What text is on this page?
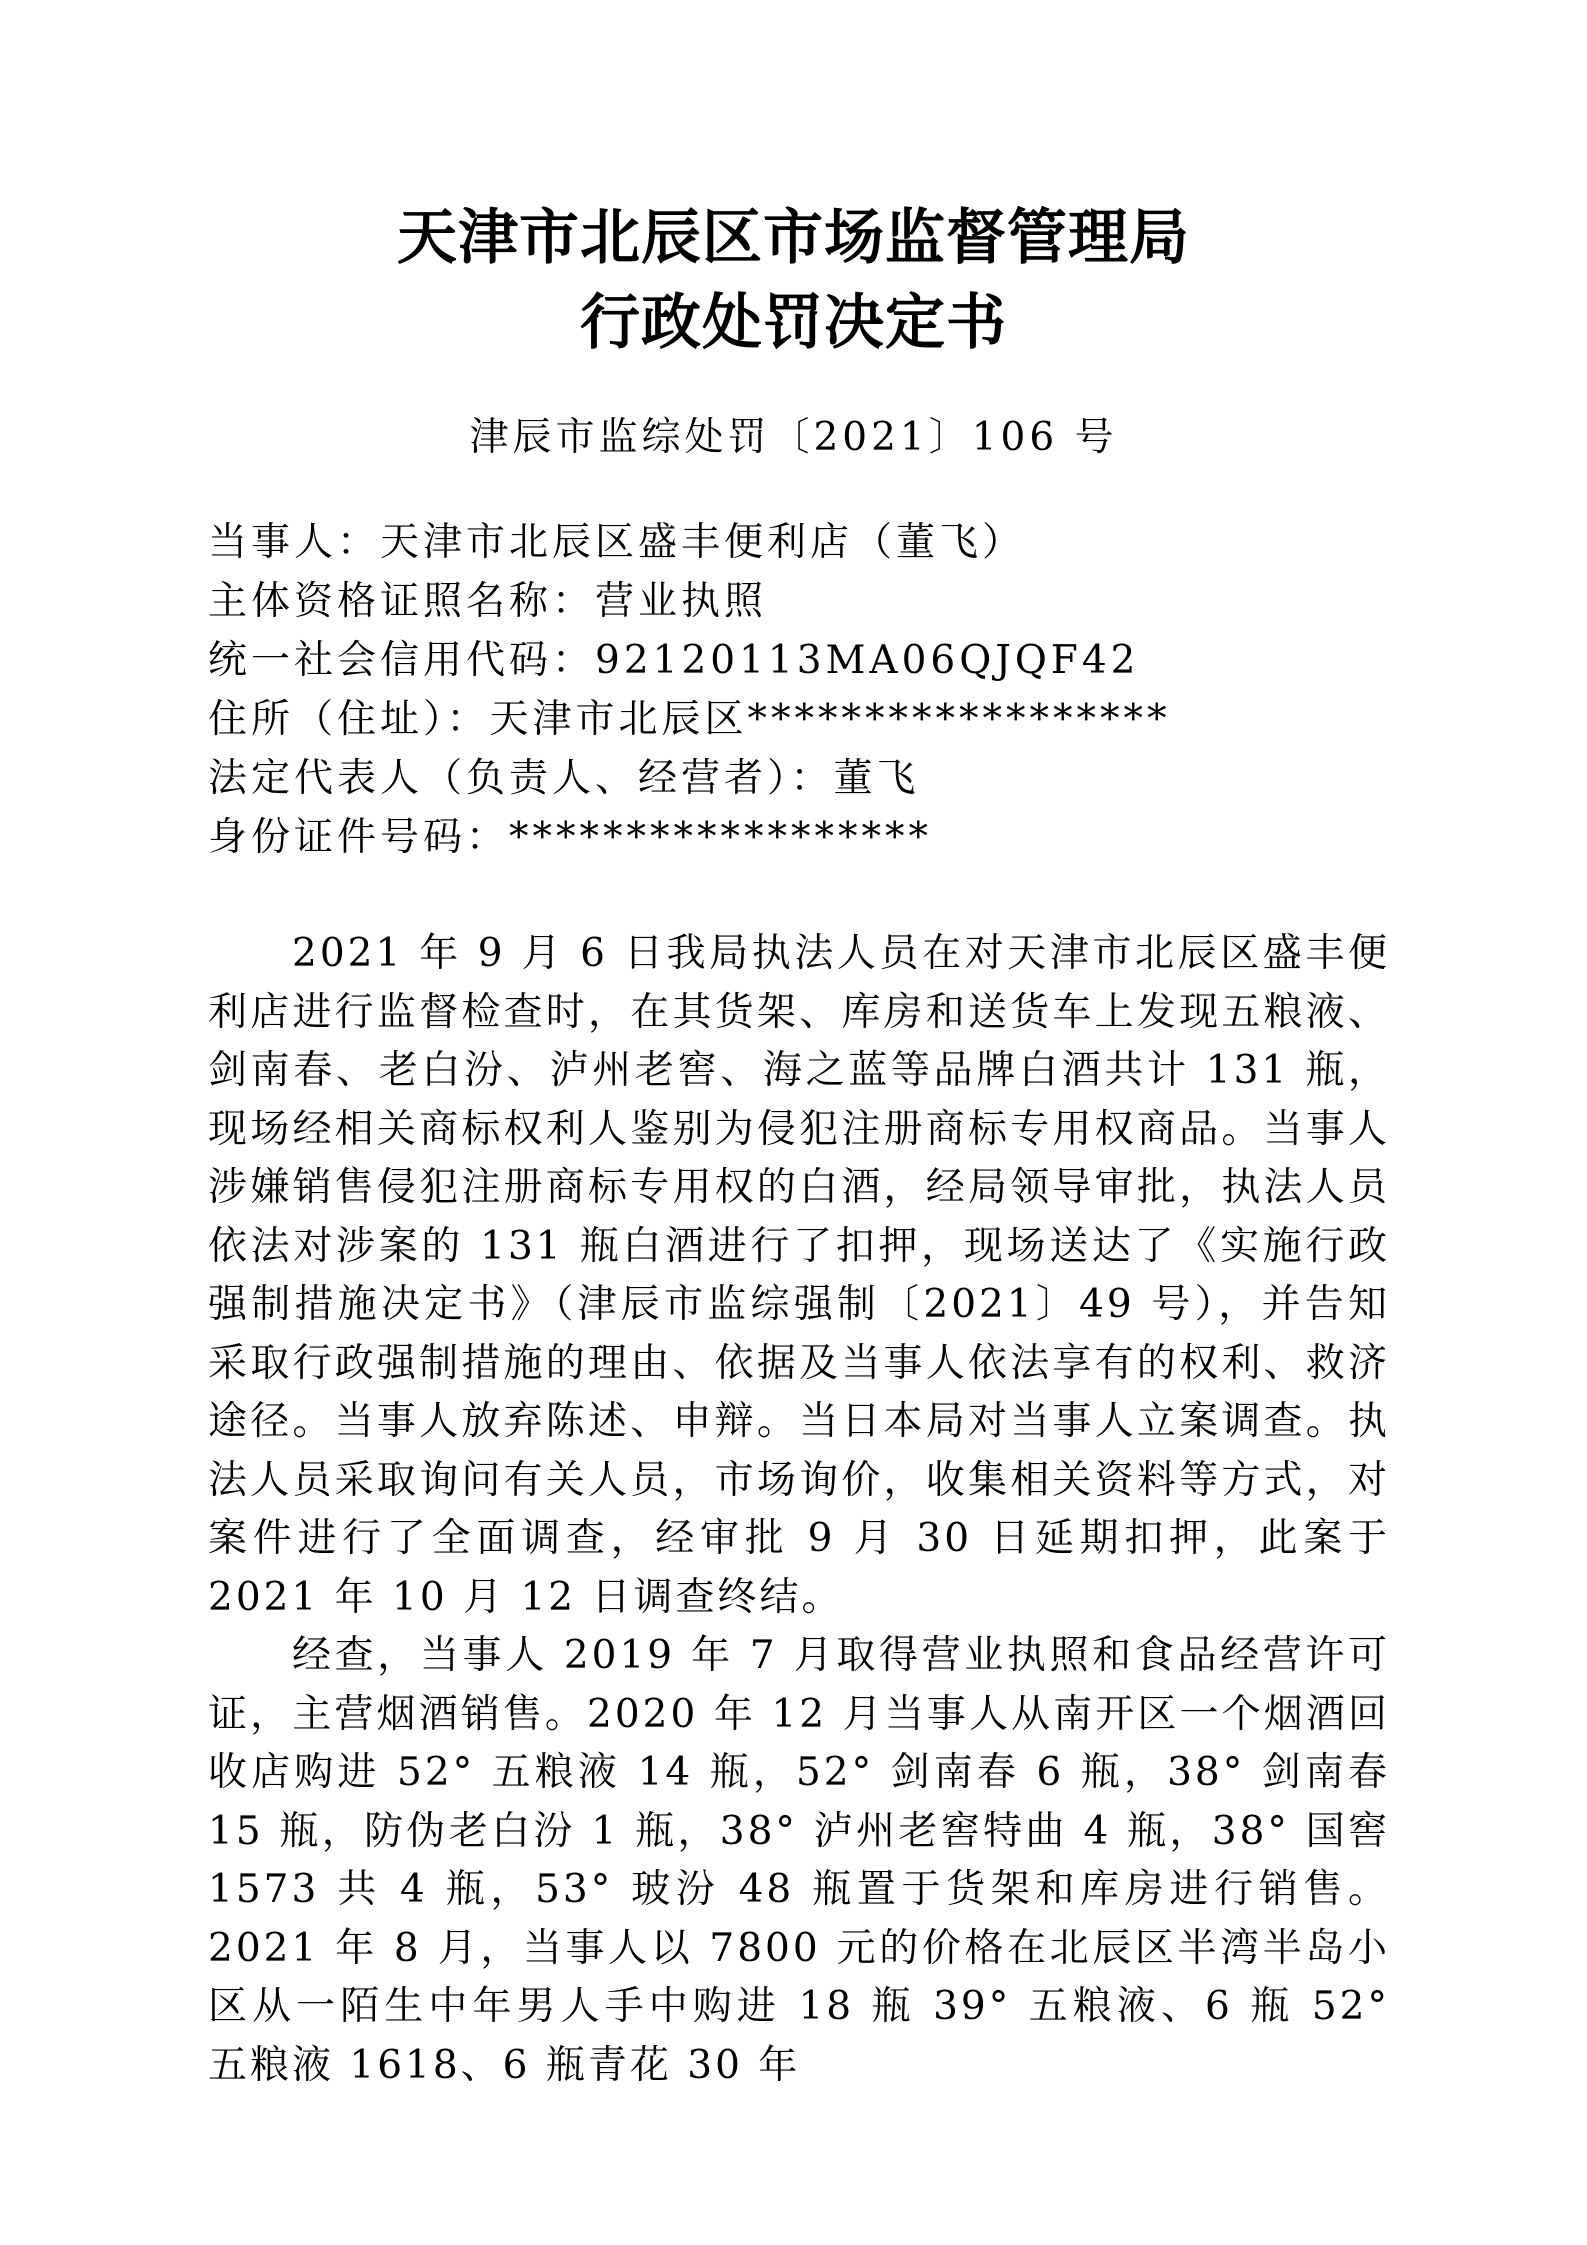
天津市北辰区市场监督管理局
行政处罚决定书
津辰市监综处罚〔2021〕106 号
当事人：天津市北辰区盛丰便利店（董飞）
主体资格证照名称：营业执照
统一社会信用代码：92120113MA06QJQF42
住所（住址）：天津市北辰区******************
法定代表人（负责人、经营者）：董飞
身份证件号码：******************

2021 年 9 月 6 日我局执法人员在对天津市北辰区盛丰便利店进行监督检查时，在其货架、库房和送货车上发现五粮液、剑南春、老白汾、泸州老窖、海之蓝等品牌白酒共计 131 瓶，现场经相关商标权利人鉴别为侵犯注册商标专用权商品。当事人涉嫌销售侵犯注册商标专用权的白酒，经局领导审批，执法人员依法对涉案的 131 瓶白酒进行了扣押，现场送达了《实施行政强制措施决定书》（津辰市监综强制〔2021〕49 号），并告知采取行政强制措施的理由、依据及当事人依法享有的权利、救济途径。当事人放弃陈述、申辩。当日本局对当事人立案调查。执法人员采取询问有关人员，市场询价，收集相关资料等方式，对案件进行了全面调查，经审批 9 月 30 日延期扣押，此案于 2021 年 10 月 12 日调查终结。

经查，当事人 2019 年 7 月取得营业执照和食品经营许可证，主营烟酒销售。2020 年 12 月当事人从南开区一个烟酒回收店购进 52° 五粮液 14 瓶，52° 剑南春 6 瓶，38° 剑南春 15 瓶，防伪老白汾 1 瓶，38° 泸州老窖特曲 4 瓶，38° 国窖 1573 共 4 瓶，53° 玻汾 48 瓶置于货架和库房进行销售。2021 年 8 月，当事人以 7800 元的价格在北辰区半湾半岛小区从一陌生中年男人手中购进 18 瓶 39° 五粮液、6 瓶 52° 五粮液 1618、6 瓶青花 30 年
